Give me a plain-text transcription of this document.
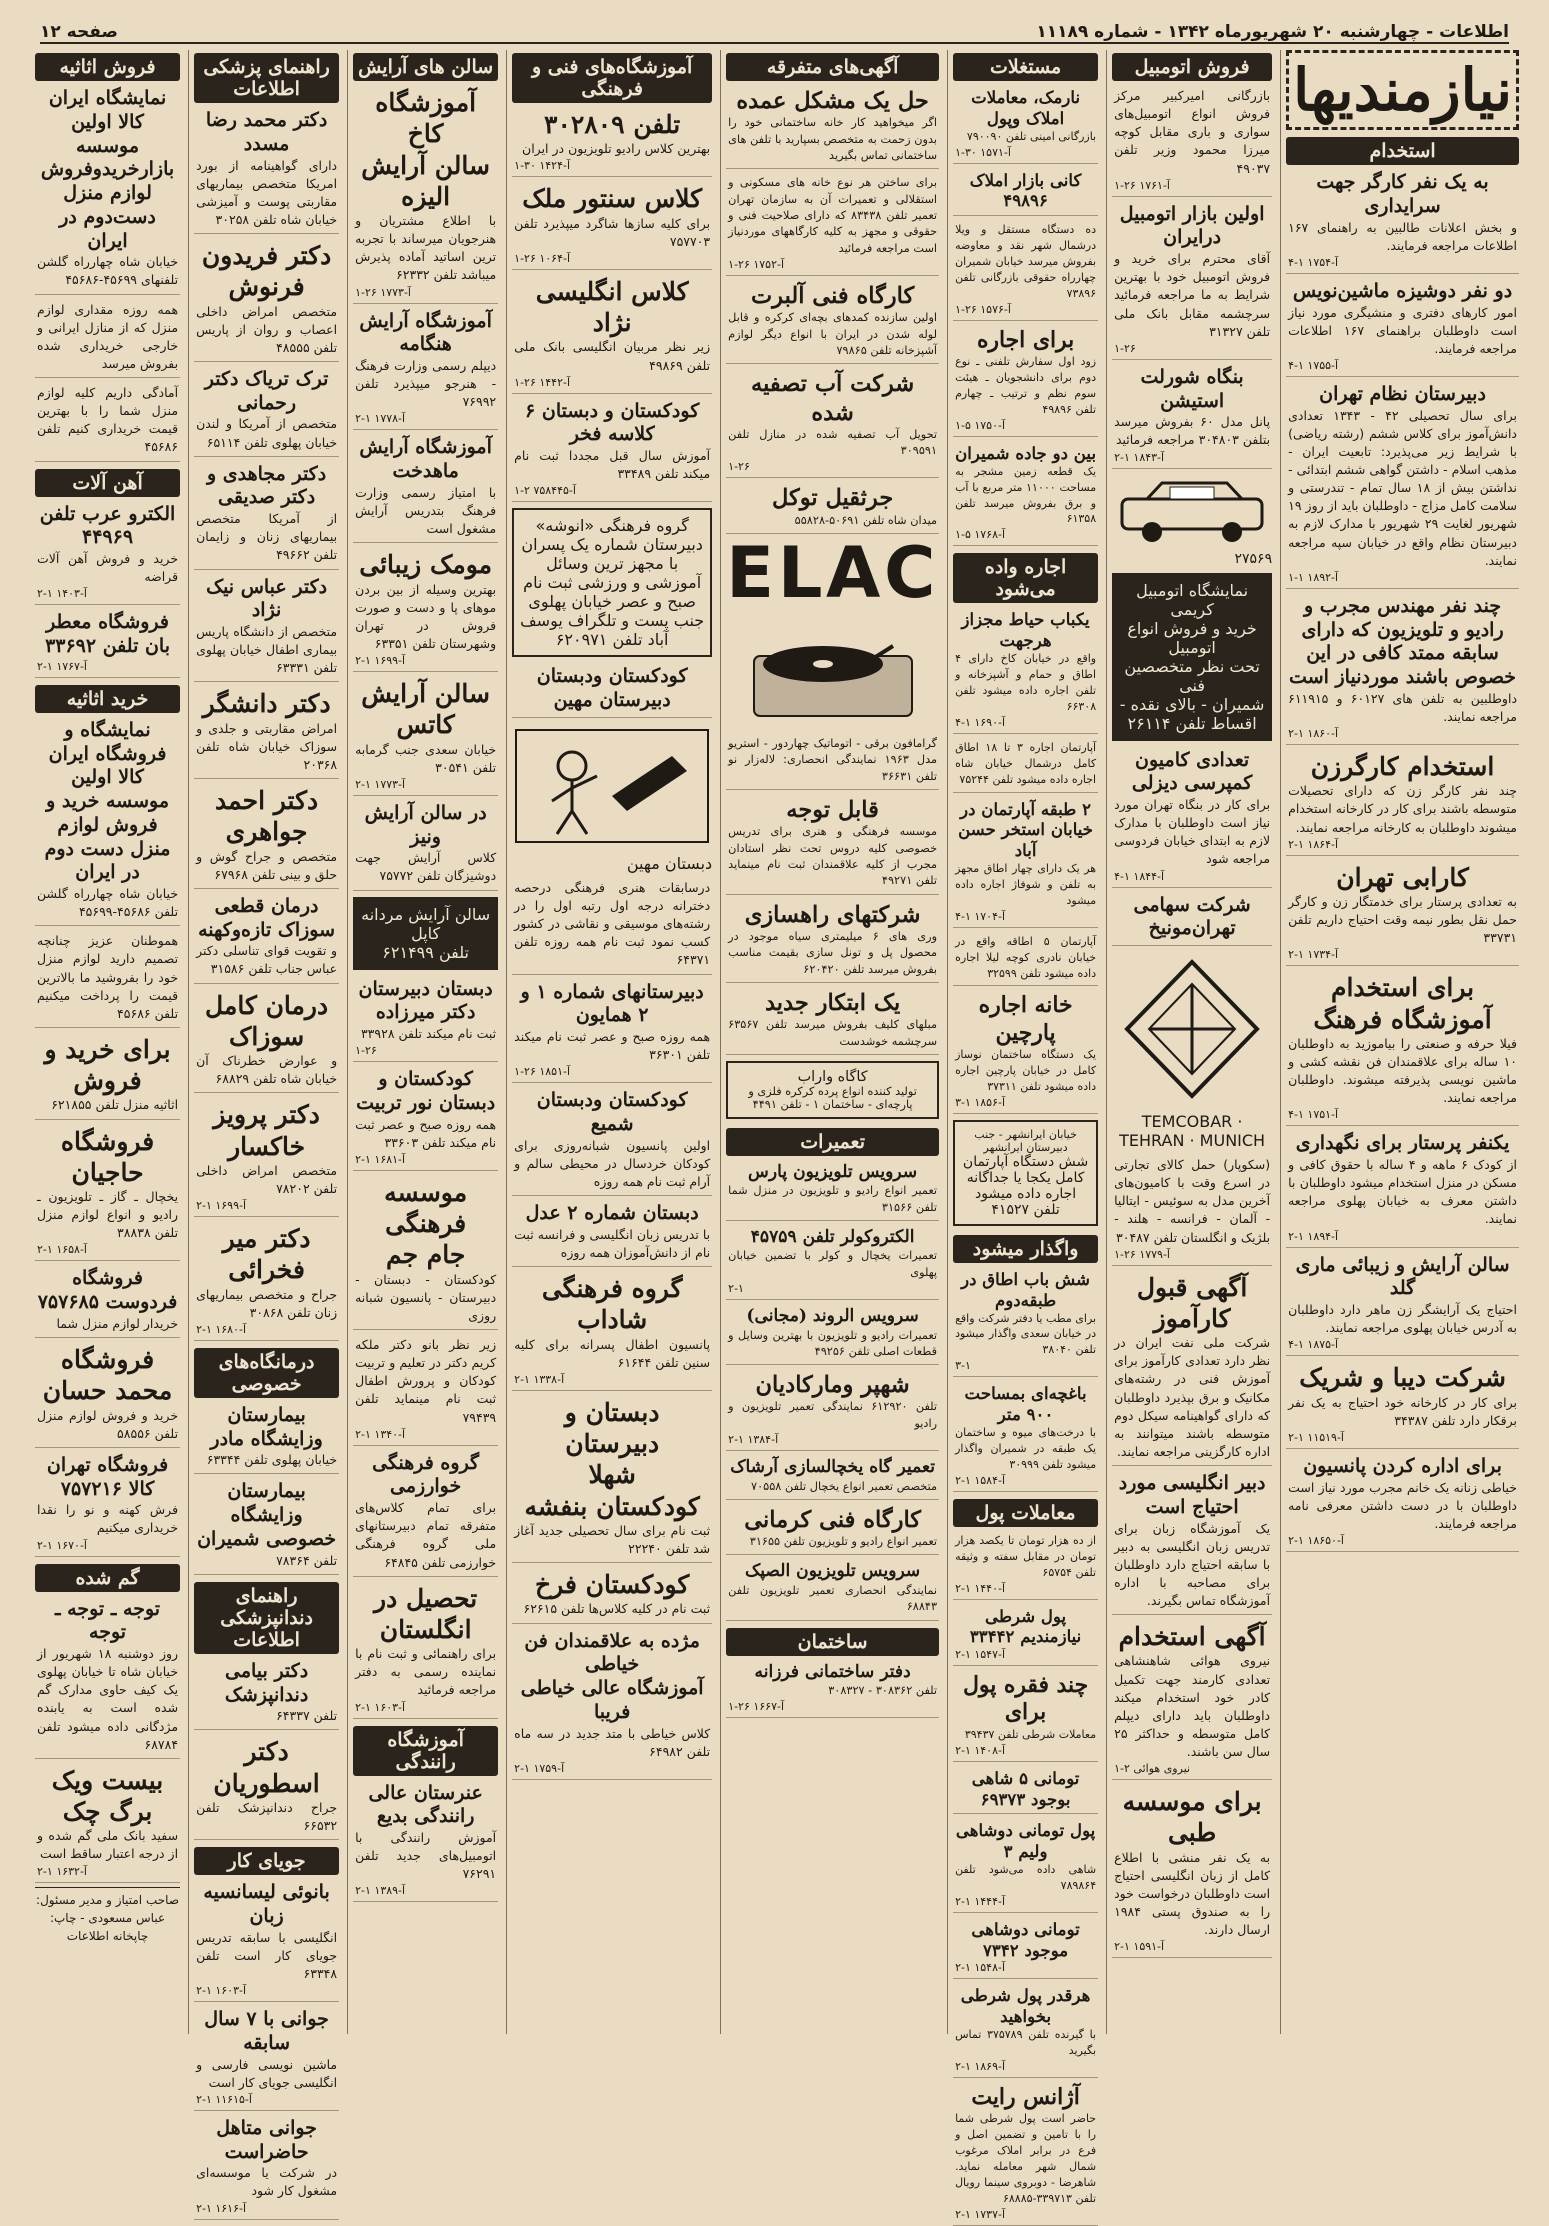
اطلاعات - چهارشنبه ۲۰ شهریورماه ۱۳۴۲ - شماره ۱۱۱۸۹
صفحه ۱۲
نیازمندیها
استخدام
به یک نفر کارگر جهت سرایداری
و بخش اعلانات طالبین به راهنمای ۱۶۷ اطلاعات مراجعه فرمایند.
۴-۱ آ-۱۷۵۴
دو نفر دوشیزه ماشین‌نویس
امور کارهای دفتری و منشیگری مورد نیاز است داوطلبان براهنمای ۱۶۷ اطلاعات مراجعه فرمایند.
۴-۱ آ-۱۷۵۵
دبیرستان نظام تهران
برای سال تحصیلی ۴۲ - ۱۳۴۳ تعدادی دانش‌آموز برای کلاس ششم (رشته ریاضی) با شرایط زیر می‌پذیرد: تابعیت ایران - مذهب اسلام - داشتن گواهی ششم ابتدائی - نداشتن بیش از ۱۸ سال تمام - تندرستی و سلامت کامل مزاج - داوطلبان باید از روز ۱۹ شهریور لغایت ۲۹ شهریور با مدارک لازم به دبیرستان نظام واقع در خیابان سپه مراجعه نمایند.
۱-۱ آ-۱۸۹۲
چند نفر مهندس مجرب و رادیو و تلویزیون که دارای سابقه ممتد کافی در این خصوص باشند موردنیاز است
داوطلبین به تلفن های ۶۰۱۲۷ و ۶۱۱۹۱۵ مراجعه نمایند.
۲-۱ آ-۱۸۶۰
استخدام کارگرزن
چند نفر کارگر زن که دارای تحصیلات متوسطه باشند برای کار در کارخانه استخدام میشوند داوطلبان به کارخانه مراجعه نمایند.
۲-۱ آ-۱۸۶۴
کارابی تهران
به تعدادی پرستار برای خدمتگار زن و کارگر حمل نقل بطور نیمه وقت احتیاج داریم تلفن ۳۳۷۳۱
۲-۱ آ-۱۷۳۴
برای استخدام
آموزشگاه فرهنگ
فیلا حرفه و صنعتی را بیاموزید به داوطلبان ۱۰ ساله برای علاقمندان فن نقشه کشی و ماشین نویسی پذیرفته میشوند. داوطلبان مراجعه نمایند.
۴-۱ آ-۱۷۵۱
یکنفر پرستار برای نگهداری
از کودک ۶ ماهه و ۴ ساله با حقوق کافی و مسکن در منزل استخدام میشود داوطلبان با داشتن معرف به خیابان پهلوی مراجعه نمایند.
۲-۱ آ-۱۸۹۴
سالن آرایش و زیبائی ماری گلد
احتیاج یک آرایشگر زن ماهر دارد داوطلبان به آدرس خیابان پهلوی مراجعه نمایند.
۴-۱ آ-۱۸۷۵
شرکت دیبا و شریک
برای کار در کارخانه خود احتیاج به یک نفر برقکار دارد تلفن ۳۴۳۸۷
۲-۱ آ-۱۱۵۱۹
برای اداره کردن پانسیون
خیاطی زنانه یک خانم مجرب مورد نیاز است داوطلبان با در دست داشتن معرفی نامه مراجعه فرمایند.
۲-۱ آ-۱۸۶۵۰
فروش اتومبیل
بازرگانی امیرکبیر مرکز فروش انواع اتومبیل‌های سواری و باری مقابل کوچه میرزا محمود وزیر تلفن ۴۹۰۳۷
۱-۲۶ آ-۱۷۶۱
اولین بازار اتومبیل درایران
آقای محترم برای خرید و فروش اتومبیل خود با بهترین شرایط به ما مراجعه فرمائید سرچشمه مقابل بانک ملی تلفن ۳۱۳۲۷
۱-۲۶
بنگاه شورلت استیشن
پانل مدل ۶۰ بفروش میرسد بتلفن ۳۰۴۸۰۳ مراجعه فرمائید
۲-۱ آ-۱۸۴۳
۲۷۵۶۹
نمایشگاه اتومبیل کریمی
خرید و فروش انواع اتومبیل
تحت نظر متخصصین فنی
شمیران - بالای نقده - اقساط تلفن ۲۶۱۱۴
تعدادی کامیون کمپرسی دیزلی
برای کار در بنگاه تهران مورد نیاز است داوطلبان با مدارک لازم به ابتدای خیابان فردوسی مراجعه شود
۴-۱ آ-۱۸۴۴
شرکت سهامی تهران‌مونیخ
TEMCOBAR · TEHRAN · MUNICH
(سکوپار) حمل کالای تجارتی در اسرع وقت با کامیون‌های آخرین مدل به سوئیس - ایتالیا - آلمان - فرانسه - هلند - بلژیک و انگلستان تلفن ۳۰۴۸۷
۱-۲۶ آ-۱۷۷۹
آگهی قبول کارآموز
شرکت ملی نفت ایران در نظر دارد تعدادی کارآموز برای آموزش فنی در رشته‌های مکانیک و برق بپذیرد داوطلبان که دارای گواهینامه سیکل دوم متوسطه باشند میتوانند به اداره کارگزینی مراجعه نمایند.
دبیر انگلیسی مورد احتیاج است
یک آموزشگاه زبان برای تدریس زبان انگلیسی به دبیر با سابقه احتیاج دارد داوطلبان برای مصاحبه با اداره آموزشگاه تماس بگیرند.
آگهی استخدام
نیروی هوائی شاهنشاهی تعدادی کارمند جهت تکمیل کادر خود استخدام میکند داوطلبان باید دارای دیپلم کامل متوسطه و حداکثر ۲۵ سال سن باشند.
نیروی هوائی ۲-۱
برای موسسه طبی
به یک نفر منشی با اطلاع کامل از زبان انگلیسی احتیاج است داوطلبان درخواست خود را به صندوق پستی ۱۹۸۴ ارسال دارند.
۲-۱ آ-۱۵۹۱
مستغلات
نارمک، معاملات املاک وپول
بازرگانی امینی تلفن ۷۹۰۰۹۰
۱-۳۰ آ-۱۵۷۱
کانی بازار املاک ۴۹۸۹۶
ده دستگاه مستقل و ویلا درشمال شهر نقد و معاوضه بفروش میرسد خیابان شمیران چهارراه حقوقی بازرگانی تلفن ۷۳۸۹۶
۱-۲۶ آ-۱۵۷۶
برای اجاره
زود اول سفارش تلفنی ـ نوع دوم برای دانشجویان ـ هیئت سوم نظم و ترتیب ـ چهارم تلفن ۴۹۸۹۶
۱-۵ آ-۱۷۵۰
بین دو جاده شمیران
یک قطعه زمین مشجر به مساحت ۱۱۰۰۰ متر مربع با آب و برق بفروش میرسد تلفن ۶۱۳۵۸
۱-۵ آ-۱۷۶۸
اجاره واده می‌شود
یکباب حیاط مجزاز هرجهت
واقع در خیابان کاخ دارای ۴ اطاق و حمام و آشپزخانه و تلفن اجاره داده میشود تلفن ۶۶۳۰۸
۴-۱ آ-۱۶۹۰
آپارتمان اجاره ۳ تا ۱۸ اطاق کامل درشمال خیابان شاه اجاره داده میشود تلفن ۷۵۲۴۴
۲ طبقه آپارتمان در خیابان استخر حسن آباد
هر یک دارای چهار اطاق مجهز به تلفن و شوفاژ اجاره داده میشود
۴-۱ آ-۱۷۰۴
آپارتمان ۵ اطاقه واقع در خیابان نادری کوچه لیلا اجاره داده میشود تلفن ۳۲۵۹۹
خانه اجاره پارچین
یک دستگاه ساختمان نوساز کامل در خیابان پارچین اجاره داده میشود تلفن ۳۷۳۱۱
۳-۱ آ-۱۸۵۶
خیابان ایرانشهر - جنب دبیرستان ایرانشهر
شش دستگاه آپارتمان کامل یکجا یا جداگانه اجاره داده میشود
تلفن ۴۱۵۲۷
واگذار میشود
شش باب اطاق در طبقه‌دوم
برای مطب یا دفتر شرکت واقع در خیابان سعدی واگذار میشود تلفن ۳۸۰۴۰
۳-۱
باغچه‌ای بمساحت ۹۰۰ متر
با درخت‌های میوه و ساختمان یک طبقه در شمیران واگذار میشود تلفن ۳۰۹۹۹
۲-۱ آ-۱۵۸۴
معاملات پول
از ده هزار تومان تا یکصد هزار تومان در مقابل سفته و وثیقه تلفن ۶۵۷۵۴
۲-۱ آ-۱۴۴۰
پول شرطی نیازمندیم ۳۳۴۴۲
۲-۱ آ-۱۵۴۷
چند فقره پول برای
معاملات شرطی تلفن ۳۹۴۳۷
۲-۱ آ-۱۴۰۸
تومانی ۵ شاهی بوجود ۶۹۳۷۳
پول تومانی دوشاهی ولیم ۳
شاهی داده می‌شود تلفن ۷۸۹۸۶۴
۲-۱ آ-۱۴۴۴
تومانی دوشاهی موجود ۷۳۴۲
۲-۱ آ-۱۵۴۸
هرقدر پول شرطی بخواهید
با گیرنده تلفن ۳۷۵۷۸۹ تماس بگیرید
۲-۱ آ-۱۸۶۹
آژانس رایت
حاضر است پول شرطی شما را با تامین و تضمین اصل و فرع در برابر املاک مرغوب شمال شهر معامله نماید. شاهرضا - دوبروی سینما رویال تلفن ۳۳۹۷۱۳-۶۸۸۸۵
۲-۱ آ-۱۷۳۷
آگهی‌های متفرقه
حل یک مشکل عمده
اگر میخواهید کار خانه ساختمانی خود را بدون زحمت به متخصص بسپارید با تلفن های ساختمانی تماس بگیرید
برای ساختن هر نوع خانه های مسکونی و استقلالی و تعمیرات آن به سازمان تهران تعمیر تلفن ۸۳۴۳۸ که دارای صلاحیت فنی و حقوقی و مجهز به کلیه کارگاههای موردنیاز است مراجعه فرمائید
۱-۲۶ آ-۱۷۵۲
کارگاه فنی آلبرت
اولین سازنده کمدهای بچه‌ای کرکره و قابل لوله شدن در ایران با انواع دیگر لوازم آشپزخانه تلفن ۷۹۸۶۵
شرکت آب تصفیه شده
تحویل آب تصفیه شده در منازل تلفن ۳۰۹۵۹۱
۱-۲۶
جرثقیل توکل
میدان شاه تلفن ۵۰۶۹۱-۵۵۸۲۸
ELAC
گرامافون برقی - اتوماتیک چهاردور - استریو مدل ۱۹۶۳ نمایندگی انحصاری: لاله‌زار نو تلفن ۳۶۶۳۱
قابل توجه
موسسه فرهنگی و هنری برای تدریس خصوصی کلیه دروس تحت نظر استادان مجرب از کلیه علاقمندان ثبت نام مینماید تلفن ۴۹۲۷۱
شرکتهای راهسازی
وری های ۶ میلیمتری سیاه موجود در محصول پل و تونل سازی بقیمت مناسب بفروش میرسد تلفن ۶۲۰۴۲۰
یک ابتکار جدید
مبلهای کلیف بفروش میرسد تلفن ۶۳۵۶۷ سرچشمه خوشدست
کاگاه واراب
تولید کننده انواع پرده کرکره فلزی و پارچه‌ای - ساختمان ۱ - تلفن ۴۴۹۱
تعمیرات
سرویس تلویزیون پارس
تعمیر انواع رادیو و تلویزیون در منزل شما تلفن ۳۱۵۶۶
الکتروکولر تلفن ۴۵۷۵۹
تعمیرات یخچال و کولر با تضمین خیابان پهلوی
۲-۱
سرویس الروند (مجانی)
تعمیرات رادیو و تلویزیون با بهترین وسایل و قطعات اصلی تلفن ۴۹۲۵۶
شهپر وماركاديان
تلفن ۶۱۲۹۲۰ نمایندگی تعمیر تلویزیون و رادیو
۲-۱ آ-۱۳۸۴
تعمیر گاه یخچالسازی آرشاک
متخصص تعمیر انواع یخچال تلفن ۷۰۵۵۸
کارگاه فنی کرمانی
تعمیر انواع رادیو و تلویزیون تلفن ۳۱۶۵۵
سرویس تلویزیون الصپک
نمایندگی انحصاری تعمیر تلویزیون تلفن ۶۸۸۴۳
ساختمان
دفتر ساختمانی فرزانه
تلفن ۳۰۸۳۶۲ - ۳۰۸۳۲۷
۱-۲۶ آ-۱۶۶۷
آموزشگاه‌های فنی و فرهنگی
تلفن ۳۰۲۸۰۹
بهترین کلاس رادیو تلویزیون در ایران
۱-۳۰ آ-۱۴۲۴
کلاس سنتور ملک
برای کلیه سازها شاگرد میپذیرد تلفن ۷۵۷۷۰۳
۱-۲۶ آ-۱۰۶۴
کلاس انگلیسی نژاد
زیر نظر مربیان انگلیسی بانک ملی تلفن ۴۹۸۶۹
۱-۲۶ آ-۱۴۴۲
کودکستان و دبستان ۶ کلاسه فخر
آموزش سال قبل مجددا ثبت نام میکند تلفن ۳۳۴۸۹
۱-۲ آ-۷۵۸۴۴۵
گروه فرهنگی «انوشه»
دبیرستان شماره یک پسران با مجهز ترین وسائل آموزشی و ورزشی ثبت نام صبح و عصر خیابان پهلوی جنب پست و تلگراف یوسف آباد تلفن ۶۲۰۹۷۱
کودکستان ودبستان دبیرستان مهین
دبستان مهین
درسابقات هنری فرهنگی درحصه دخترانه درجه اول رتبه اول را در رشته‌های موسیقی و نقاشی در کشور کسب نمود ثبت نام همه روزه تلفن ۶۴۳۷۱
دبیرستانهای شماره ۱ و ۲ همایون
همه روزه صبح و عصر ثبت نام میکند تلفن ۳۶۳۰۱
۱-۲۶ آ-۱۸۵۱
کودکستان ودبستان شمیع
اولین پانسیون شبانه‌روزی برای کودکان خردسال در محیطی سالم و آرام ثبت نام همه روزه
دبستان شماره ۲ عدل
با تدریس زبان انگلیسی و فرانسه ثبت نام از دانش‌آموزان همه روزه
گروه فرهنگی شاداب
پانسیون اطفال پسرانه برای کلیه سنین تلفن ۶۱۶۴۴
۲-۱ آ-۱۳۳۸
دبستان و دبیرستان
شهلا
کودکستان بنفشه
ثبت نام برای سال تحصیلی جدید آغاز شد تلفن ۲۲۲۴۰
کودکستان فرخ
ثبت نام در کلیه کلاس‌ها تلفن ۶۲۶۱۵
مژده به علاقمندان فن خیاطی
آموزشگاه عالی خیاطی فریبا
کلاس خیاطی با متد جدید در سه ماه تلفن ۶۴۹۸۲
۲-۱ آ-۱۷۵۹
سالن های آرایش
آموزشگاه کاخ
سالن آرایش الیزه
با اطلاع مشتریان و هنرجویان میرساند با تجربه ترین اساتید آماده پذیرش میباشد تلفن ۶۲۳۳۲
۱-۲۶ آ-۱۷۷۳
آموزشگاه آرایش هنگامه
دیپلم رسمی وزارت فرهنگ - هنرجو میپذیرد تلفن ۷۶۹۹۲
۲-۱ آ-۱۷۷۸
آموزشگاه آرایش ماهدخت
با امتیاز رسمی وزارت فرهنگ بتدریس آرایش مشغول است
مومک زیبائی
بهترین وسیله از بین بردن موهای پا و دست و صورت فروش در تهران وشهرستان تلفن ۶۳۳۵۱
۲-۱ آ-۱۶۹۹
سالن آرایش کاتس
خیابان سعدی جنب گرمابه تلفن ۳۰۵۴۱
۲-۱ آ-۱۷۷۳
در سالن آرایش ونیز
کلاس آرایش جهت دوشیزگان تلفن ۷۵۷۷۲
سالن آرایش مردانه
کاپل
تلفن ۶۲۱۴۹۹
دبستان دبیرستان دکتر میرزاده
ثبت نام میکند تلفن ۳۳۹۲۸
۱-۲۶
کودکستان و دبستان نور تربیت
همه روزه صبح و عصر ثبت نام میکند تلفن ۳۳۶۰۳
۲-۱ آ-۱۶۸۱
موسسه فرهنگی
جام جم
کودکستان - دبستان - دبیرستان - پانسیون شبانه روزی
زیر نظر بانو دکتر ملکه کریم دکتر در تعلیم و تربیت کودکان و پرورش اطفال ثبت نام مینماید تلفن ۷۹۴۳۹
۲-۱ آ-۱۳۴۰
گروه فرهنگی خوارزمی
برای تمام کلاس‌های متفرقه تمام دبیرستانهای ملی گروه فرهنگی خوارزمی تلفن ۶۴۸۴۵
تحصیل در انگلستان
برای راهنمائی و ثبت نام با نماینده رسمی به دفتر مراجعه فرمائید
۲-۱ آ-۱۶۰۳
آموزشگاه رانندگی
عنرستان عالی رانندگی بدیع
آموزش رانندگی با اتومبیل‌های جدید تلفن ۷۶۲۹۱
۲-۱ آ-۱۳۸۹
راهنمای پزشکی اطلاعات
دکتر محمد رضا مسدد
دارای گواهینامه از بورد امریکا متخصص بیماریهای مقاربتی پوست و آمیزشی خیابان شاه تلفن ۳۰۲۵۸
دکتر فریدون فرنوش
متخصص امراض داخلی اعصاب و روان از پاریس تلفن ۴۸۵۵۵
ترک تریاک دکتر رحمانی
متخصص از آمریکا و لندن خیابان پهلوی تلفن ۶۵۱۱۴
دکتر مجاهدی و دکتر صدیقی
از آمریکا متخصص بیماریهای زنان و زایمان تلفن ۴۹۶۶۲
دکتر عباس نیک نژاد
متخصص از دانشگاه پاریس بیماری اطفال خیابان پهلوی تلفن ۶۳۳۳۱
دکتر دانشگر
امراض مقاربتی و جلدی و سوزاک خیابان شاه تلفن ۲۰۳۶۸
دکتر احمد جواهری
متخصص و جراح گوش و حلق و بینی تلفن ۶۷۹۶۸
درمان قطعی سوزاک تازه‌وکهنه
و تقویت قوای تناسلی دکتر عباس جناب تلفن ۳۱۵۸۶
درمان کامل سوزاک
و عوارض خطرناک آن خیابان شاه تلفن ۶۸۸۲۹
دکتر پرویز خاکسار
متخصص امراض داخلی تلفن ۷۸۲۰۲
۲-۱ آ-۱۶۹۹
دکتر میر فخرائی
جراح و متخصص بیماریهای زنان تلفن ۳۰۸۶۸
۲-۱ آ-۱۶۸۰
درمانگاه‌های خصوصی
بیمارستان وزایشگاه مادر
خیابان پهلوی تلفن ۶۳۳۴۴
بیمارستان وزایشگاه خصوصی شمیران
تلفن ۷۸۳۶۴
راهنمای دندانپزشکی اطلاعات
دکتر بیامی دندانپزشک
تلفن ۶۴۳۳۷
دکتر اسطوریان
جراح دندانپزشک تلفن ۶۶۵۳۲
جویای کار
بانوئی لیسانسیه زبان
انگلیسی با سابقه تدریس جویای کار است تلفن ۶۳۳۴۸
۲-۱ آ-۱۶۰۳
جوانی با ۷ سال سابقه
ماشین نویسی فارسی و انگلیسی جویای کار است
۲-۱ آ-۱۱۶۱۵
جوانی متاهل حاضراست
در شرکت یا موسسه‌ای مشغول کار شود
۲-۱ آ-۱۶۱۶
فروش اثاثیه
نمایشگاه ایران کالا اولین
موسسه بازارخریدوفروش
لوازم منزل دست‌دوم در ایران
خیابان شاه چهارراه گلشن تلفنهای ۴۵۶۹۹-۴۵۶۸۶
همه روزه مقداری لوازم منزل که از منازل ایرانی و خارجی خریداری شده بفروش میرسد
آمادگی داریم کلیه لوازم منزل شما را با بهترین قیمت خریداری کنیم تلفن ۴۵۶۸۶
آهن آلات
الکترو عرب تلفن ۴۴۹۶۹
خرید و فروش آهن آلات قراضه
۲-۱ آ-۱۴۰۳
فروشگاه معطر بان تلفن ۳۳۶۹۲
۲-۱ آ-۱۷۶۷
خرید اثاثیه
نمایشگاه و فروشگاه ایران
کالا اولین موسسه خرید و فروش لوازم منزل دست دوم در ایران
خیابان شاه چهارراه گلشن تلفن ۴۵۶۸۶-۴۵۶۹۹
هموطنان عزیز چنانچه تصمیم دارید لوازم منزل خود را بفروشید ما بالاترین قیمت را پرداخت میکنیم تلفن ۴۵۶۸۶
برای خرید و فروش
اثاثیه منزل تلفن ۶۲۱۸۵۵
فروشگاه حاجیان
یخچال ـ گاز ـ تلویزیون ـ رادیو و انواع لوازم منزل تلفن ۳۸۸۳۸
۲-۱ آ-۱۶۵۸
فروشگاه فردوست ۷۵۷۶۸۵
خریدار لوازم منزل شما
فروشگاه محمد حسان
خرید و فروش لوازم منزل تلفن ۵۸۵۵۶
فروشگاه تهران کالا ۷۵۷۲۱۶
فرش کهنه و نو را نقدا خریداری میکنیم
۲-۱ آ-۱۶۷۰
گم شده
توجه ـ توجه ـ توجه
روز دوشنبه ۱۸ شهریور از خیابان شاه تا خیابان پهلوی یک کیف حاوی مدارک گم شده است به یابنده مژدگانی داده میشود تلفن ۶۸۷۸۴
بیست ویک برگ چک
سفید بانک ملی گم شده و از درجه اعتبار ساقط است
۲-۱ آ-۱۶۳۲
صاحب امتیاز و مدیر مسئول: عباس مسعودی - چاپ: چاپخانه اطلاعات
